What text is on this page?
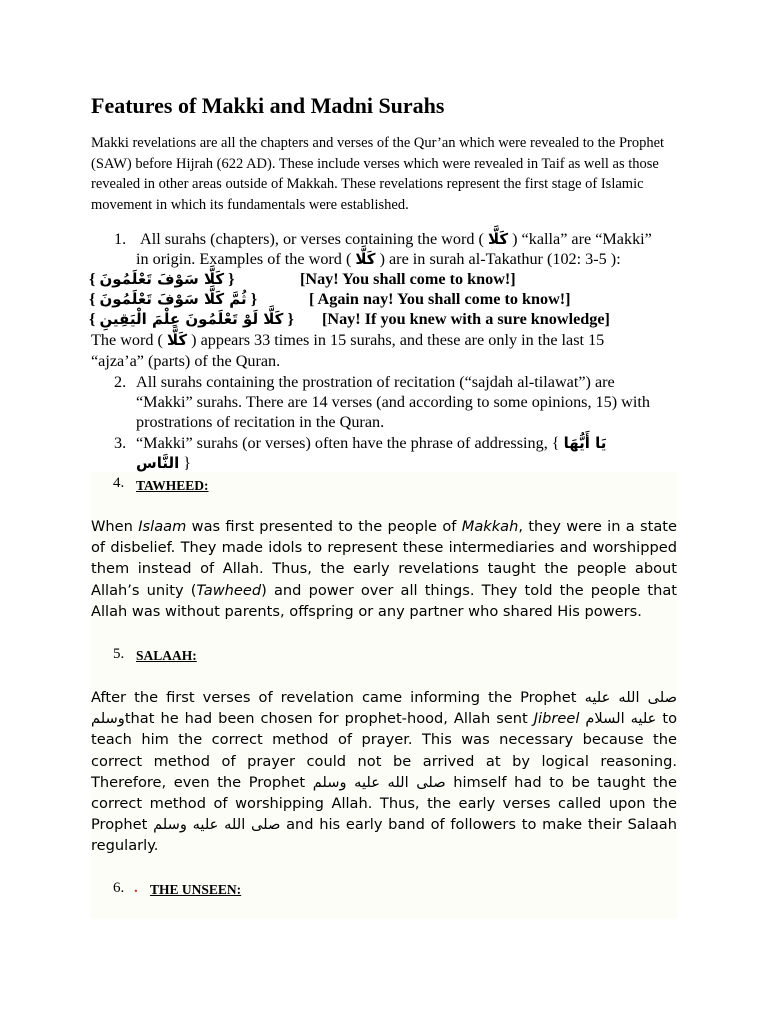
Features of Makki and Madni Surahs
Makki revelations are all the chapters and verses of the Qur’an which were revealed to the Prophet (SAW) before Hijrah (622 AD). These include verses which were revealed in Taif as well as those revealed in other areas outside of Makkah. These revelations represent the first stage of Islamic movement in which its fundamentals were established.
1. All surahs (chapters), or verses containing the word ( كَلَّا ) “kalla” are “Makki”
in origin. Examples of the word ( كَلَّا ) are in surah al-Takathur (102: 3-5 ):
{ كَلَّا سَوْفَ تَعْلَمُونَ }	[Nay! You shall come to know!]
{ ثُمَّ كَلَّا سَوْفَ تَعْلَمُونَ }	[ Again nay! You shall come to know!]
{ كَلَّا لَوْ تَعْلَمُونَ عِلْمَ الْيَقِينِ } [Nay! If you knew with a sure knowledge]
The word ( كَلَّا ) appears 33 times in 15 surahs, and these are only in the last 15
“ajza’a” (parts) of the Quran.
2. All surahs containing the prostration of recitation (“sajdah al-tilawat”) are
“Makki” surahs. There are 14 verses (and according to some opinions, 15) with
prostrations of recitation in the Quran.
3. “Makki” surahs (or verses) often have the phrase of addressing, { يَا أَيُّهَا
النَّاس }
4. TAWHEED:
When Islaam was first presented to the people of Makkah, they were in a state of disbelief. They made idols to represent these intermediaries and worshipped them instead of Allah. Thus, the early revelations taught the people about Allah’s unity (Tawheed) and power over all things. They told the people that Allah was without parents, offspring or any partner who shared His powers.
5. SALAAH:
After the first verses of revelation came informing the Prophet صلى الله عليه وسلمthat he had been chosen for prophet-hood, Allah sent Jibreel عليه السلام to teach him the correct method of prayer. This was necessary because the correct method of prayer could not be arrived at by logical reasoning. Therefore, even the Prophet صلى الله عليه وسلم himself had to be taught the correct method of worshipping Allah. Thus, the early verses called upon the Prophet صلى الله عليه وسلم and his early band of followers to make their Salaah regularly.
6. . THE UNSEEN:
